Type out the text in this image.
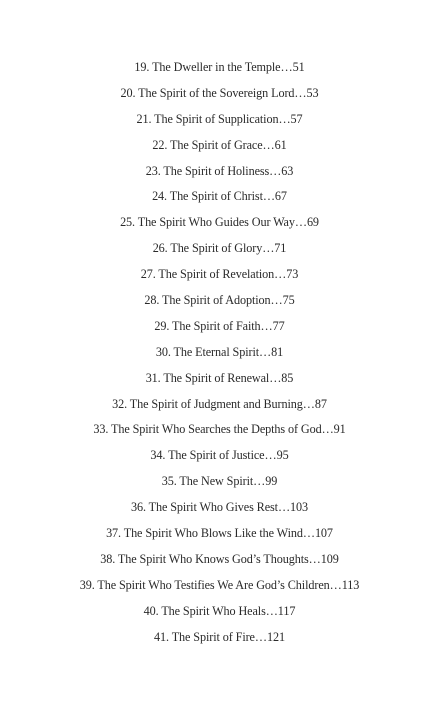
19. The Dweller in the Temple…51
20. The Spirit of the Sovereign Lord…53
21. The Spirit of Supplication…57
22. The Spirit of Grace…61
23. The Spirit of Holiness…63
24. The Spirit of Christ…67
25. The Spirit Who Guides Our Way…69
26. The Spirit of Glory…71
27. The Spirit of Revelation…73
28. The Spirit of Adoption…75
29. The Spirit of Faith…77
30. The Eternal Spirit…81
31. The Spirit of Renewal…85
32. The Spirit of Judgment and Burning…87
33. The Spirit Who Searches the Depths of God…91
34. The Spirit of Justice…95
35. The New Spirit…99
36. The Spirit Who Gives Rest…103
37. The Spirit Who Blows Like the Wind…107
38. The Spirit Who Knows God’s Thoughts…109
39. The Spirit Who Testifies We Are God’s Children…113
40. The Spirit Who Heals…117
41. The Spirit of Fire…121
